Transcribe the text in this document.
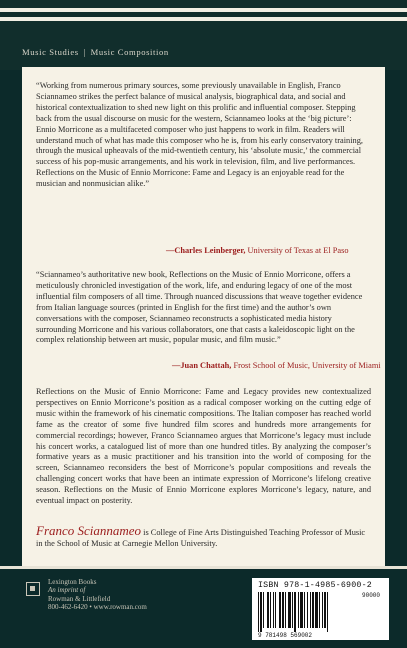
Music Studies | Music Composition

“Working from numerous primary sources, some previously unavailable in English, Franco Sciannameo strikes the perfect balance of musical analysis, biographical data, and social and historical contextualization to shed new light on this prolific and influential composer. Stepping back from the usual discourse on music for the western, Sciannameo looks at the ‘big picture’: Ennio Morricone as a multifaceted composer who just happens to work in film. Readers will understand much of what has made this composer who he is, from his early conservatory training, through the musical upheavals of the mid-twentieth century, his ‘absolute music,’ the commercial success of his pop-music arrangements, and his work in television, film, and live performances. Reflections on the Music of Ennio Morricone: Fame and Legacy is an enjoyable read for the musician and nonmusician alike.”

—Charles Leinberger, University of Texas at El Paso

“Sciannameo’s authoritative new book, Reflections on the Music of Ennio Morricone, offers a meticulously chronicled investigation of the work, life, and enduring legacy of one of the most influential film composers of all time. Through nuanced discussions that weave together evidence from Italian language sources (printed in English for the first time) and the author’s own conversations with the composer, Sciannameo reconstructs a sophisticated media history surrounding Morricone and his various collaborators, one that casts a kaleidoscopic light on the complex relationship between art music, popular music, and film music.”

—Juan Chattah, Frost School of Music, University of Miami

Reflections on the Music of Ennio Morricone: Fame and Legacy provides new contextualized perspectives on Ennio Morricone’s position as a radical composer working on the cutting edge of music within the framework of his cinematic compositions. The Italian composer has reached world fame as the creator of some five hundred film scores and hundreds more arrangements for commercial recordings; however, Franco Sciannameo argues that Morricone’s legacy must include his concert works, a catalogued list of more than one hundred titles. By analyzing the composer’s formative years as a music practitioner and his transition into the world of composing for the screen, Sciannameo reconsiders the best of Morricone’s popular compositions and reveals the challenging concert works that have been an intimate expression of Morricone’s lifelong creative season. Reflections on the Music of Ennio Morricone explores Morricone’s legacy, nature, and eventual impact on posterity.

Franco Sciannameo is College of Fine Arts Distinguished Teaching Professor of Music in the School of Music at Carnegie Mellon University.
Lexington Books
An imprint of
Rowman & Littlefield
800-462-6420 • www.rowman.com
ISBN 978-1-4985-6900-2
9 781498 569002
90000
